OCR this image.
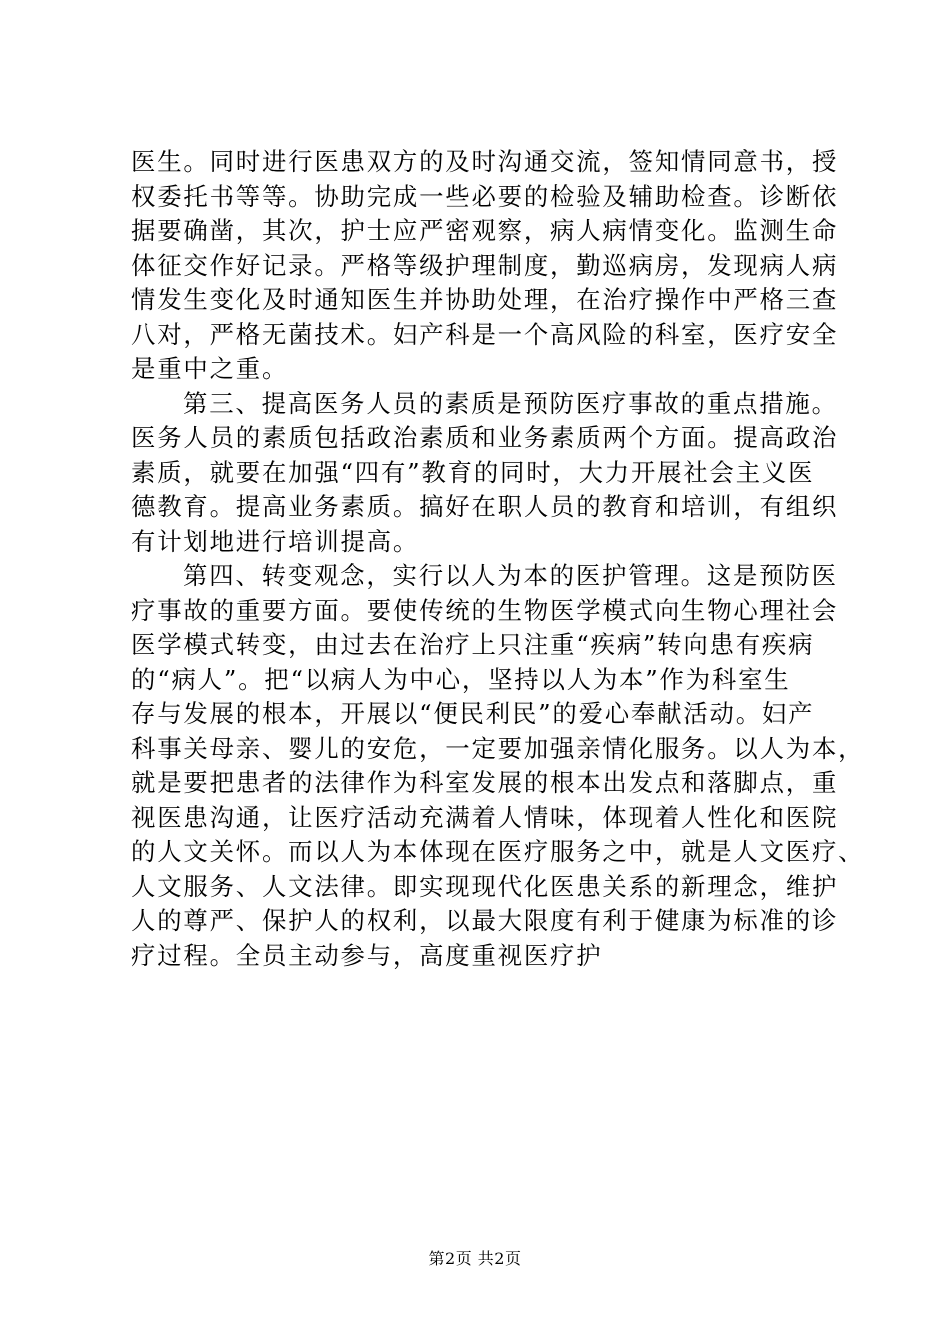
医生。同时进行医患双方的及时沟通交流，签知情同意书，授
权委托书等等。协助完成一些必要的检验及辅助检查。诊断依
据要确凿，其次，护士应严密观察，病人病情变化。监测生命
体征交作好记录。严格等级护理制度，勤巡病房，发现病人病
情发生变化及时通知医生并协助处理，在治疗操作中严格三查
八对，严格无菌技术。妇产科是一个高风险的科室，医疗安全
是重中之重。

第三、提高医务人员的素质是预防医疗事故的重点措施。
医务人员的素质包括政治素质和业务素质两个方面。提高政治
素质，就要在加强“四有”教育的同时，大力开展社会主义医
德教育。提高业务素质。搞好在职人员的教育和培训，有组织
有计划地进行培训提高。

第四、转变观念，实行以人为本的医护管理。这是预防医
疗事故的重要方面。要使传统的生物医学模式向生物心理社会
医学模式转变，由过去在治疗上只注重“疾病”转向患有疾病
的“病人”。把“以病人为中心，坚持以人为本”作为科室生
存与发展的根本，开展以“便民利民”的爱心奉献活动。妇产
科事关母亲、婴儿的安危，一定要加强亲情化服务。以人为本，
就是要把患者的法律作为科室发展的根本出发点和落脚点，重
视医患沟通，让医疗活动充满着人情味，体现着人性化和医院
的人文关怀。而以人为本体现在医疗服务之中，就是人文医疗、
人文服务、人文法律。即实现现代化医患关系的新理念，维护
人的尊严、保护人的权利，以最大限度有利于健康为标准的诊
疗过程。全员主动参与，高度重视医疗护

第2页 共2页
